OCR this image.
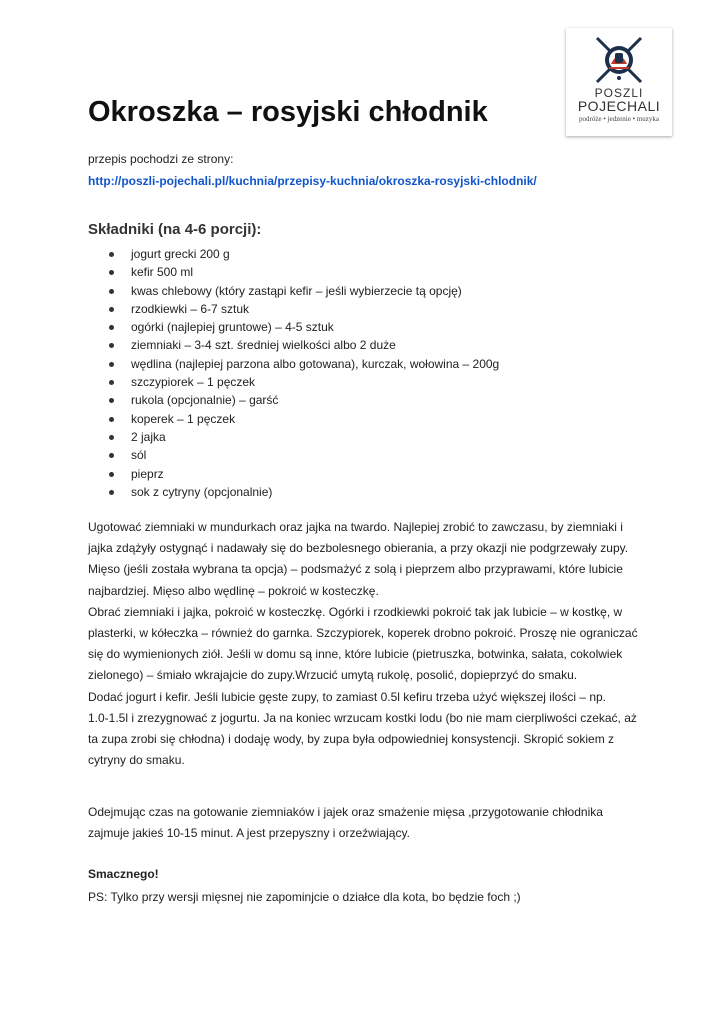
POSZLI
POJECHALI
podróże • jedzenie • muzyka
Okroszka – rosyjski chłodnik

przepis pochodzi ze strony:

http://poszli-pojechali.pl/kuchnia/przepisy-kuchnia/okroszka-rosyjski-chlodnik/
Składniki (na 4-6 porcji):
jogurt grecki 200 g
kefir 500 ml
kwas chlebowy (który zastąpi kefir – jeśli wybierzecie tą opcję)
rzodkiewki – 6-7 sztuk
ogórki (najlepiej gruntowe) – 4-5 sztuk
ziemniaki – 3-4 szt. średniej wielkości albo 2 duże
wędlina (najlepiej parzona albo gotowana), kurczak, wołowina – 200g
szczypiorek – 1 pęczek
rukola (opcjonalnie) – garść
koperek – 1 pęczek
2 jajka
sól
pieprz
sok z cytryny (opcjonalnie)
Ugotować ziemniaki w mundurkach oraz jajka na twardo. Najlepiej zrobić to zawczasu, by ziemniaki i
jajka zdążyły ostygnąć i nadawały się do bezbolesnego obierania, a przy okazji nie podgrzewały zupy.
Mięso (jeśli została wybrana ta opcja) – podsmażyć z solą i pieprzem albo przyprawami, które lubicie
najbardziej. Mięso albo wędlinę – pokroić w kosteczkę.
Obrać ziemniaki i jajka, pokroić w kosteczkę. Ogórki i rzodkiewki pokroić tak jak lubicie – w kostkę, w
plasterki, w kółeczka – również do garnka. Szczypiorek, koperek drobno pokroić. Proszę nie ograniczać
się do wymienionych ziół. Jeśli w domu są inne, które lubicie (pietruszka, botwinka, sałata, cokolwiek
zielonego) – śmiało wkrajajcie do zupy.Wrzucić umytą rukolę, posolić, dopieprzyć do smaku.
Dodać jogurt i kefir. Jeśli lubicie gęste zupy, to zamiast 0.5l kefiru trzeba użyć większej ilości – np.
1.0-1.5l i zrezygnować z jogurtu. Ja na koniec wrzucam kostki lodu (bo nie mam cierpliwości czekać, aż
ta zupa zrobi się chłodna) i dodaję wody, by zupa była odpowiedniej konsystencji. Skropić sokiem z
cytryny do smaku.
Odejmując czas na gotowanie ziemniaków i jajek oraz smażenie mięsa ,przygotowanie chłodnika
zajmuje jakieś 10-15 minut. A jest przepyszny i orzeźwiający.

Smacznego!

PS: Tylko przy wersji mięsnej nie zapominjcie o działce dla kota, bo będzie foch ;)
